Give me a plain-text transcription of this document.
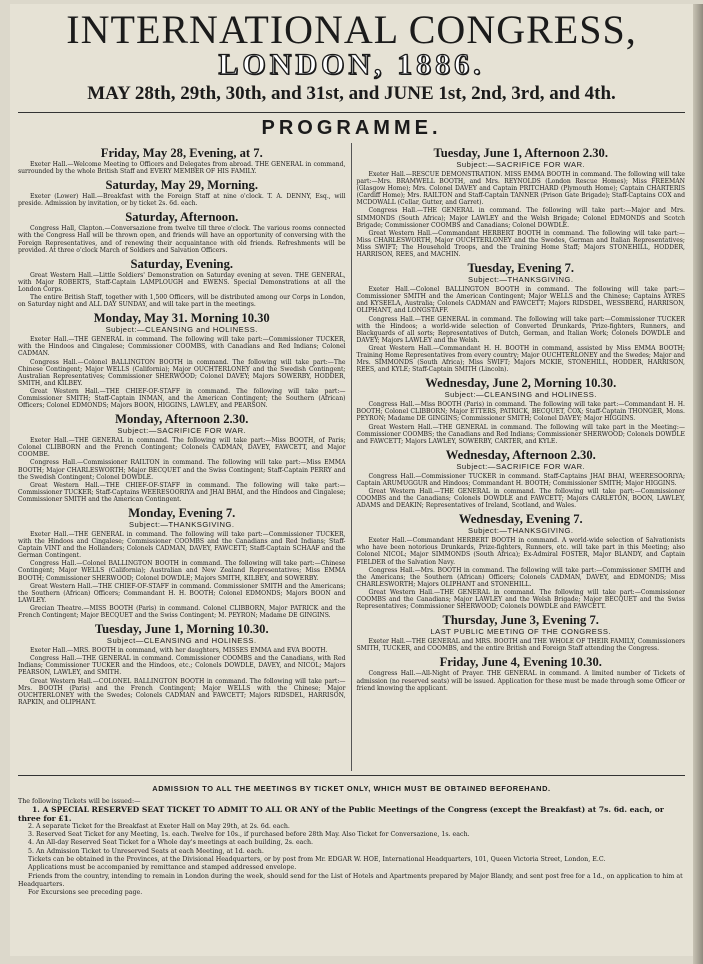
INTERNATIONAL CONGRESS,
LONDON, 1886.
MAY 28th, 29th, 30th, and 31st, and JUNE 1st, 2nd, 3rd, and 4th.
PROGRAMME.
Friday, May 28, Evening, at 7.

Exeter Hall.—Welcome Meeting to Officers and Delegates from abroad. THE GENERAL in command, surrounded by the whole British Staff and EVERY MEMBER OF HIS FAMILY.

Saturday, May 29, Morning.

Exeter (Lower) Hall.—Breakfast with the Foreign Staff at nine o'clock. T. A. DENNY, Esq., will preside. Admission by invitation, or by ticket 2s. 6d. each.

Saturday, Afternoon.

Congress Hall, Clapton.—Conversazione from twelve till three o'clock. The various rooms connected with the Congress Hall will be thrown open, and friends will have an opportunity of conversing with the Foreign Representatives, and of renewing their acquaintance with old friends. Refreshments will be provided. At three o'clock March of Soldiers and Salvation Officers.

Saturday, Evening.

Great Western Hall.—Little Soldiers' Demonstration on Saturday evening at seven. THE GENERAL, with Major ROBERTS, Staff-Captain LAMPLOUGH and EWENS. Special Demonstrations at all the London Corps.

The entire British Staff, together with 1,500 Officers, will be distributed among our Corps in London, on Saturday night and ALL DAY SUNDAY, and will take part in the meetings.

Monday, May 31. Morning 10.30
Subject:—CLEANSING and HOLINESS.

Exeter Hall.—THE GENERAL in command. The following will take part:—Commissioner TUCKER, with the Hindoos and Cingalese; Commissioner COOMBS, with Canadians and Red Indians; Colonel CADMAN.

Congress Hall.—Colonel BALLINGTON BOOTH in command. The following will take part:—The Chinese Contingent; Major WELLS (California); Major OUCHTERLONEY and the Swedish Contingent; Australian Representatives; Commissioner SHERWOOD; Colonel DAVEY; Majors SOWERBY, HODDER, SMITH, and KILBEY.

Great Western Hall.—THE CHIEF-OF-STAFF in command. The following will take part:—Commissioner SMITH; Staff-Captain INMAN, and the American Contingent; the Southern (African) Officers; Colonel EDMONDS; Majors BOON, HIGGINS, LAWLEY, and PEARSON.

Monday, Afternoon 2.30.
Subject:—SACRIFICE FOR WAR.

Exeter Hall.—THE GENERAL in command. The following will take part:—Miss BOOTH, of Paris; Colonel CLIBBORN and the French Contingent; Colonels CADMAN, DAVEY, FAWCETT, and Major COOMBE.

Congress Hall.—Commissioner RAILTON in command. The following will take part:—Miss EMMA BOOTH; Major CHARLESWORTH; Major BECQUET and the Swiss Contingent; Staff-Captain PERRY and the Swedish Contingent; Colonel DOWDLE.

Great Western Hall.—THE CHIEF-OF-STAFF in command. The following will take part:—Commissioner TUCKER; Staff-Captains WEERESOORIYA and JHAI BHAI, and the Hindoos and Cingalese; Commissioner SMITH and the American Contingent.

Monday, Evening 7.
Subject:—THANKSGIVING.

Exeter Hall.—THE GENERAL in command. The following will take part:—Commissioner TUCKER, with the Hindoos and Cingalese; Commissioner COOMBS and the Canadians and Red Indians; Staff-Captain VINT and the Hollanders; Colonels CADMAN, DAVEY, FAWCETT; Staff-Captain SCHAAF and the German Contingent.

Congress Hall.—Colonel BALLINGTON BOOTH in command. The following will take part:—Chinese Contingent; Major WELLS (California); Australian and New Zealand Representatives; Miss EMMA BOOTH; Commissioner SHERWOOD; Colonel DOWDLE; Majors SMITH, KILBEY, and SOWERBY.

Great Western Hall.—THE CHIEF-OF-STAFF in command. Commissioner SMITH and the Americans; the Southern (African) Officers; Commandant H. H. BOOTH; Colonel EDMONDS; Majors BOON and LAWLEY.

Grecian Theatre.—MISS BOOTH (Paris) in command. Colonel CLIBBORN, Major PATRICK and the French Contingent; Major BECQUET and the Swiss Contingent; M. PEYRON; Madame DE GINGINS.

Tuesday, June 1, Morning 10.30.
Subject—CLEANSING and HOLINESS.

Exeter Hall.—MRS. BOOTH in command, with her daughters, MISSES EMMA and EVA BOOTH.

Congress Hall.—THE GENERAL in command. Commissioner COOMBS and the Canadians, with Red Indians; Commissioner TUCKER and the Hindoos, etc.; Colonels DOWDLE, DAVEY, and NICOL; Majors PEARSON, LAWLEY, and SMITH.

Great Western Hall.—COLONEL BALLINGTON BOOTH in command. The following will take part:—Mrs. BOOTH (Paris) and the French Contingent; Major WELLS with the Chinese; Major OUCHTERLONEY with the Swedes; Colonels CADMAN and FAWCETT; Majors RIDSDEL, HARRISON, RAPKIN, and OLIPHANT.

Tuesday, June 1, Afternoon 2.30.
Subject:—SACRIFICE FOR WAR.

Exeter Hall.—RESCUE DEMONSTRATION. MISS EMMA BOOTH in command. The following will take part:—Mrs. BRAMWELL BOOTH, and Mrs. REYNOLDS (London Rescue Homes); Miss FREEMAN (Glasgow Home); Mrs. Colonel DAVEY and Captain PRITCHARD (Plymouth Home); Captain CHARTERIS (Cardiff Home); Mrs. RAILTON and Staff-Captain TANNER (Prison Gate Brigade); Staff-Captains COX and MCDOWALL (Cellar, Gutter, and Garret).

Congress Hall.—THE GENERAL in command. The following will take part:—Major and Mrs. SIMMONDS (South Africa); Major LAWLEY and the Welsh Brigade; Colonel EDMONDS and Scotch Brigade; Commissioner COOMBS and Canadians; Colonel DOWDLE.

Great Western Hall.—Commandant HERBERT BOOTH in command. The following will take part:—Miss CHARLESWORTH, Major OUCHTERLONEY and the Swedes, German and Italian Representatives; Miss SWIFT; The Household Troops, and the Training Home Staff; Majors STONEHILL, HODDER, HARRISON, REES, and MACHIN.

Tuesday, Evening 7.
Subject:—THANKSGIVING.

Exeter Hall.—Colonel BALLINGTON BOOTH in command. The following will take part:—Commissioner SMITH and the American Contingent; Major WELLS and the Chinese; Captains AYRES and KYSEELA, Australia; Colonels CADMAN and FAWCETT; Majors RIDSDEL, WESSBERG, HARRISON, OLIPHANT, and LONGSTAFF.

Congress Hall.—THE GENERAL in command. The following will take part:—Commissioner TUCKER with the Hindoos; a world-wide selection of Converted Drunkards, Prize-fighters, Runners, and Blackguards of all sorts; Representatives of Dutch, German, and Italian Work; Colonels DOWDLE and DAVEY; Majors LAWLEY and the Welsh.

Great Western Hall.—Commandant H. H. BOOTH in command, assisted by Miss EMMA BOOTH; Training Home Representatives from every country; Major OUCHTERLONEY and the Swedes; Major and Mrs. SIMMONDS (South Africa); Miss SWIFT; Majors MCKIE, STONEHILL, HODDER, HARRISON, REES, and KYLE; Staff-Captain SMITH (Lincoln).

Wednesday, June 2, Morning 10.30.
Subject:—CLEANSING and HOLINESS.

Congress Hall.—Miss BOOTH (Paris) in command. The following will take part:—Commandant H. H. BOOTH; Colonel CLIBBORN; Major ETTERS, PATRICK, BECQUET, COX; Staff-Captain THONGER, Mons. PEYRON; Madame DE GINGINS; Commissioner SMITH; Colonel DAVEY; Major HIGGINS.

Great Western Hall.—THE GENERAL in command. The following will take part in the Meeting:—Commissioner COOMBS; the Canadians and Red Indians; Commissioner SHERWOOD; Colonels DOWDLE and FAWCETT; Majors LAWLEY, SOWERBY, CARTER, and KYLE.

Wednesday, Afternoon 2.30.
Subject:—SACRIFICE FOR WAR.

Congress Hall.—Commissioner TUCKER in command. Staff-Captains JHAI BHAI, WEERESOORIYA; Captain ARUMUGGUR and Hindoos; Commandant H. BOOTH; Commissioner SMITH; Major HIGGINS.

Great Western Hall.—THE GENERAL in command. The following will take part:—Commissioner COOMBS and the Canadians; Colonels DOWDLE and FAWCETT; Majors CARLETON, BOON, LAWLEY, ADAMS and DEAKIN; Representatives of Ireland, Scotland, and Wales.

Wednesday, Evening 7.
Subject:—THANKSGIVING.

Exeter Hall.—Commandant HERBERT BOOTH in command. A world-wide selection of Salvationists who have been notorious Drunkards, Prize-fighters, Runners, etc. will take part in this Meeting; also Colonel NICOL; Major SIMMONDS (South Africa); Ex-Admiral FOSTER, Major BLANDY, and Captain FIELDER of the Salvation Navy.

Congress Hall.—Mrs. BOOTH in command. The following will take part:—Commissioner SMITH and the Americans; the Southern (African) Officers; Colonels CADMAN, DAVEY, and EDMONDS; Miss CHARLESWORTH; Majors OLIPHANT and STONEHILL.

Great Western Hall.—THE GENERAL in command. The following will take part:—Commissioner COOMBS and the Canadians; Major LAWLEY and the Welsh Brigade; Major BECQUET and the Swiss Representatives; Commissioner SHERWOOD; Colonels DOWDLE and FAWCETT.

Thursday, June 3, Evening 7.
LAST PUBLIC MEETING OF THE CONGRESS.

Exeter Hall.—THE GENERAL and MRS. BOOTH and THE WHOLE OF THEIR FAMILY, Commissioners SMITH, TUCKER, and COOMBS, and the entire British and Foreign Staff attending the Congress.

Friday, June 4, Evening 10.30.

Congress Hall.—All-Night of Prayer. THE GENERAL in command. A limited number of Tickets of admission (no reserved seats) will be issued. Application for these must be made through some Officer or friend knowing the applicant.

ADMISSION TO ALL THE MEETINGS BY TICKET ONLY, WHICH MUST BE OBTAINED BEFOREHAND.

The following Tickets will be issued:—

1. A SPECIAL RESERVED SEAT TICKET TO ADMIT TO ALL OR ANY of the Public Meetings of the Congress (except the Breakfast) at 7s. 6d. each, or three for £1.

2. A separate Ticket for the Breakfast at Exeter Hall on May 29th, at 2s. 6d. each.

3. Reserved Seat Ticket for any Meeting, 1s. each. Twelve for 10s., if purchased before 28th May. Also Ticket for Conversazione, 1s. each.

4. An All-day Reserved Seat Ticket for a Whole day's meetings at each building, 2s. each.

5. An Admission Ticket to Unreserved Seats at each Meeting, at 1d. each.

Tickets can be obtained in the Provinces, at the Divisional Headquarters, or by post from Mr. EDGAR W. HOE, International Headquarters, 101, Queen Victoria Street, London, E.C.

Applications must be accompanied by remittance and stamped addressed envelope.

Friends from the country, intending to remain in London during the week, should send for the List of Hotels and Apartments prepared by Major Blandy, and sent post free for a 1d., on application to him at Headquarters.

For Excursions see preceding page.
